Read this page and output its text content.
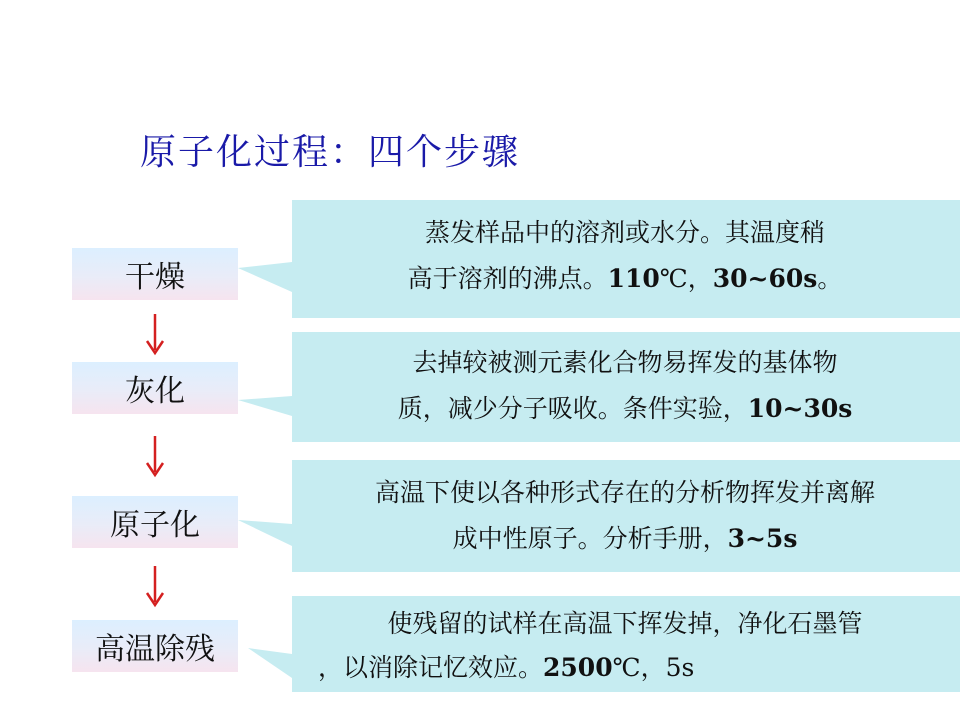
原子化过程：四个步骤
干燥
灰化
原子化
高温除残

蒸发样品中的溶剂或水分。其温度稍

高于溶剂的沸点。110℃，30~60s。

去掉较被测元素化合物易挥发的基体物

质，减少分子吸收。条件实验，10~30s

高温下使以各种形式存在的分析物挥发并离解

成中性原子。分析手册，3~5s

使残留的试样在高温下挥发掉，净化石墨管

，以消除记忆效应。2500℃，5s
